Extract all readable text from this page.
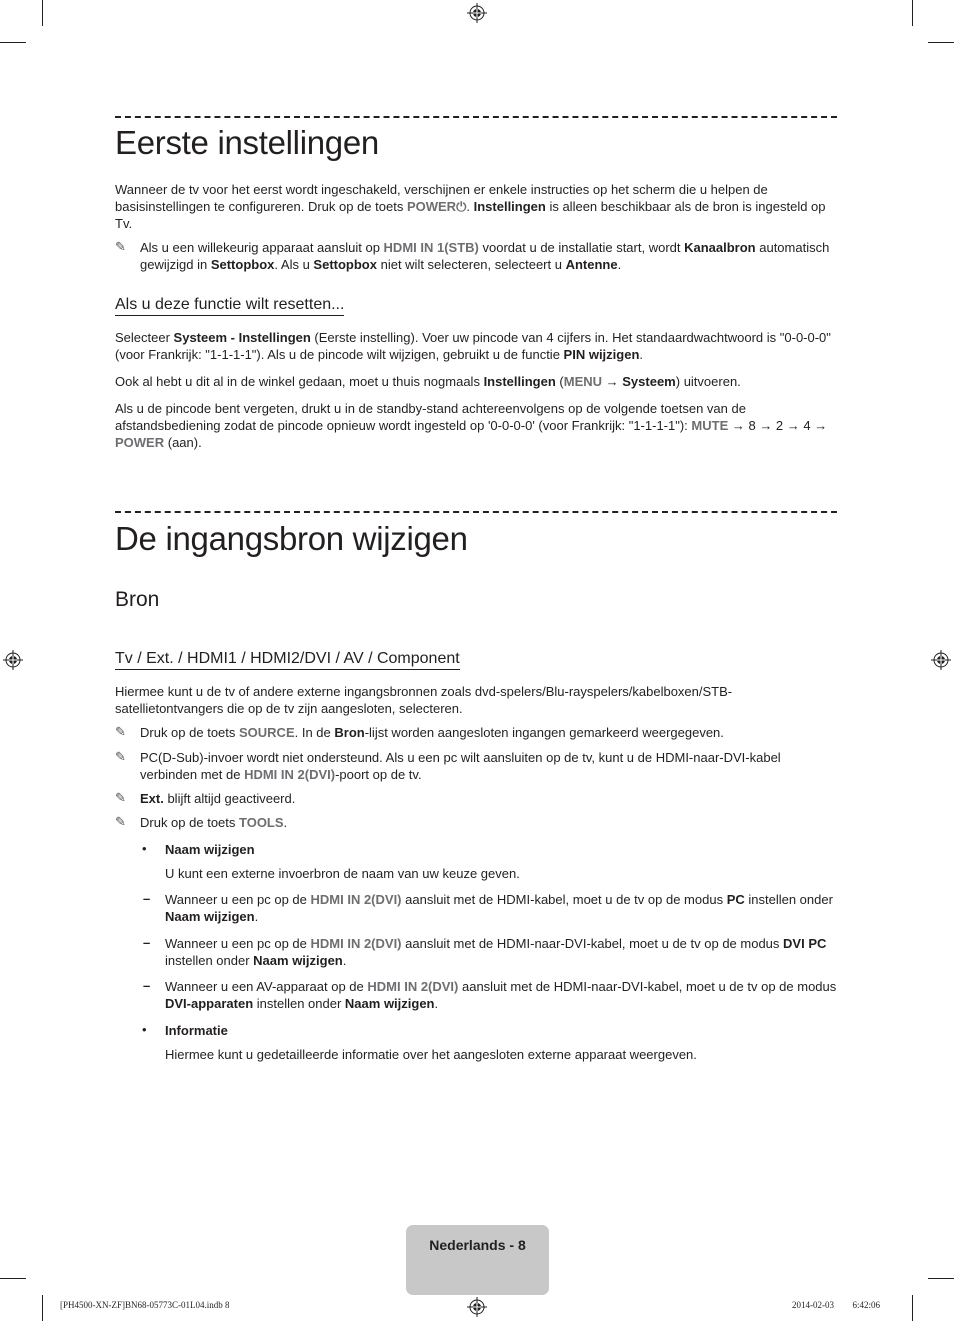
Eerste instellingen

Wanneer de tv voor het eerst wordt ingeschakeld, verschijnen er enkele instructies op het scherm die u helpen de basisinstellingen te configureren. Druk op de toets POWER⏻. Instellingen is alleen beschikbaar als de bron is ingesteld op Tv.

✎ Als u een willekeurig apparaat aansluit op HDMI IN 1(STB) voordat u de installatie start, wordt Kanaalbron automatisch gewijzigd in Settopbox. Als u Settopbox niet wilt selecteren, selecteert u Antenne.

Als u deze functie wilt resetten...

Selecteer Systeem - Instellingen (Eerste instelling). Voer uw pincode van 4 cijfers in. Het standaardwachtwoord is "0-0-0-0" (voor Frankrijk: "1-1-1-1"). Als u de pincode wilt wijzigen, gebruikt u de functie PIN wijzigen.

Ook al hebt u dit al in de winkel gedaan, moet u thuis nogmaals Instellingen (MENU → Systeem) uitvoeren.

Als u de pincode bent vergeten, drukt u in de standby-stand achtereenvolgens op de volgende toetsen van de afstandsbediening zodat de pincode opnieuw wordt ingesteld op '0-0-0-0' (voor Frankrijk: "1-1-1-1"): MUTE → 8 → 2 → 4 → POWER (aan).

De ingangsbron wijzigen
Bron
Tv / Ext. / HDMI1 / HDMI2/DVI / AV / Component

Hiermee kunt u de tv of andere externe ingangsbronnen zoals dvd-spelers/Blu-rayspelers/kabelboxen/STB-satellietontvangers die op de tv zijn aangesloten, selecteren.

✎ Druk op de toets SOURCE. In de Bron-lijst worden aangesloten ingangen gemarkeerd weergegeven.

✎ PC(D-Sub)-invoer wordt niet ondersteund. Als u een pc wilt aansluiten op de tv, kunt u de HDMI-naar-DVI-kabel verbinden met de HDMI IN 2(DVI)-poort op de tv.

✎ Ext. blijft altijd geactiveerd.

✎ Druk op de toets TOOLS.

• Naam wijzigen

U kunt een externe invoerbron de naam van uw keuze geven.

– Wanneer u een pc op de HDMI IN 2(DVI) aansluit met de HDMI-kabel, moet u de tv op de modus PC instellen onder Naam wijzigen.

– Wanneer u een pc op de HDMI IN 2(DVI) aansluit met de HDMI-naar-DVI-kabel, moet u de tv op de modus DVI PC instellen onder Naam wijzigen.

– Wanneer u een AV-apparaat op de HDMI IN 2(DVI) aansluit met de HDMI-naar-DVI-kabel, moet u de tv op de modus DVI-apparaten instellen onder Naam wijzigen.

• Informatie

Hiermee kunt u gedetailleerde informatie over het aangesloten externe apparaat weergeven.

Nederlands - 8
[PH4500-XN-ZF]BN68-05773C-01L04.indb 8	2014-02-03 ￿￿ 6:42:06
